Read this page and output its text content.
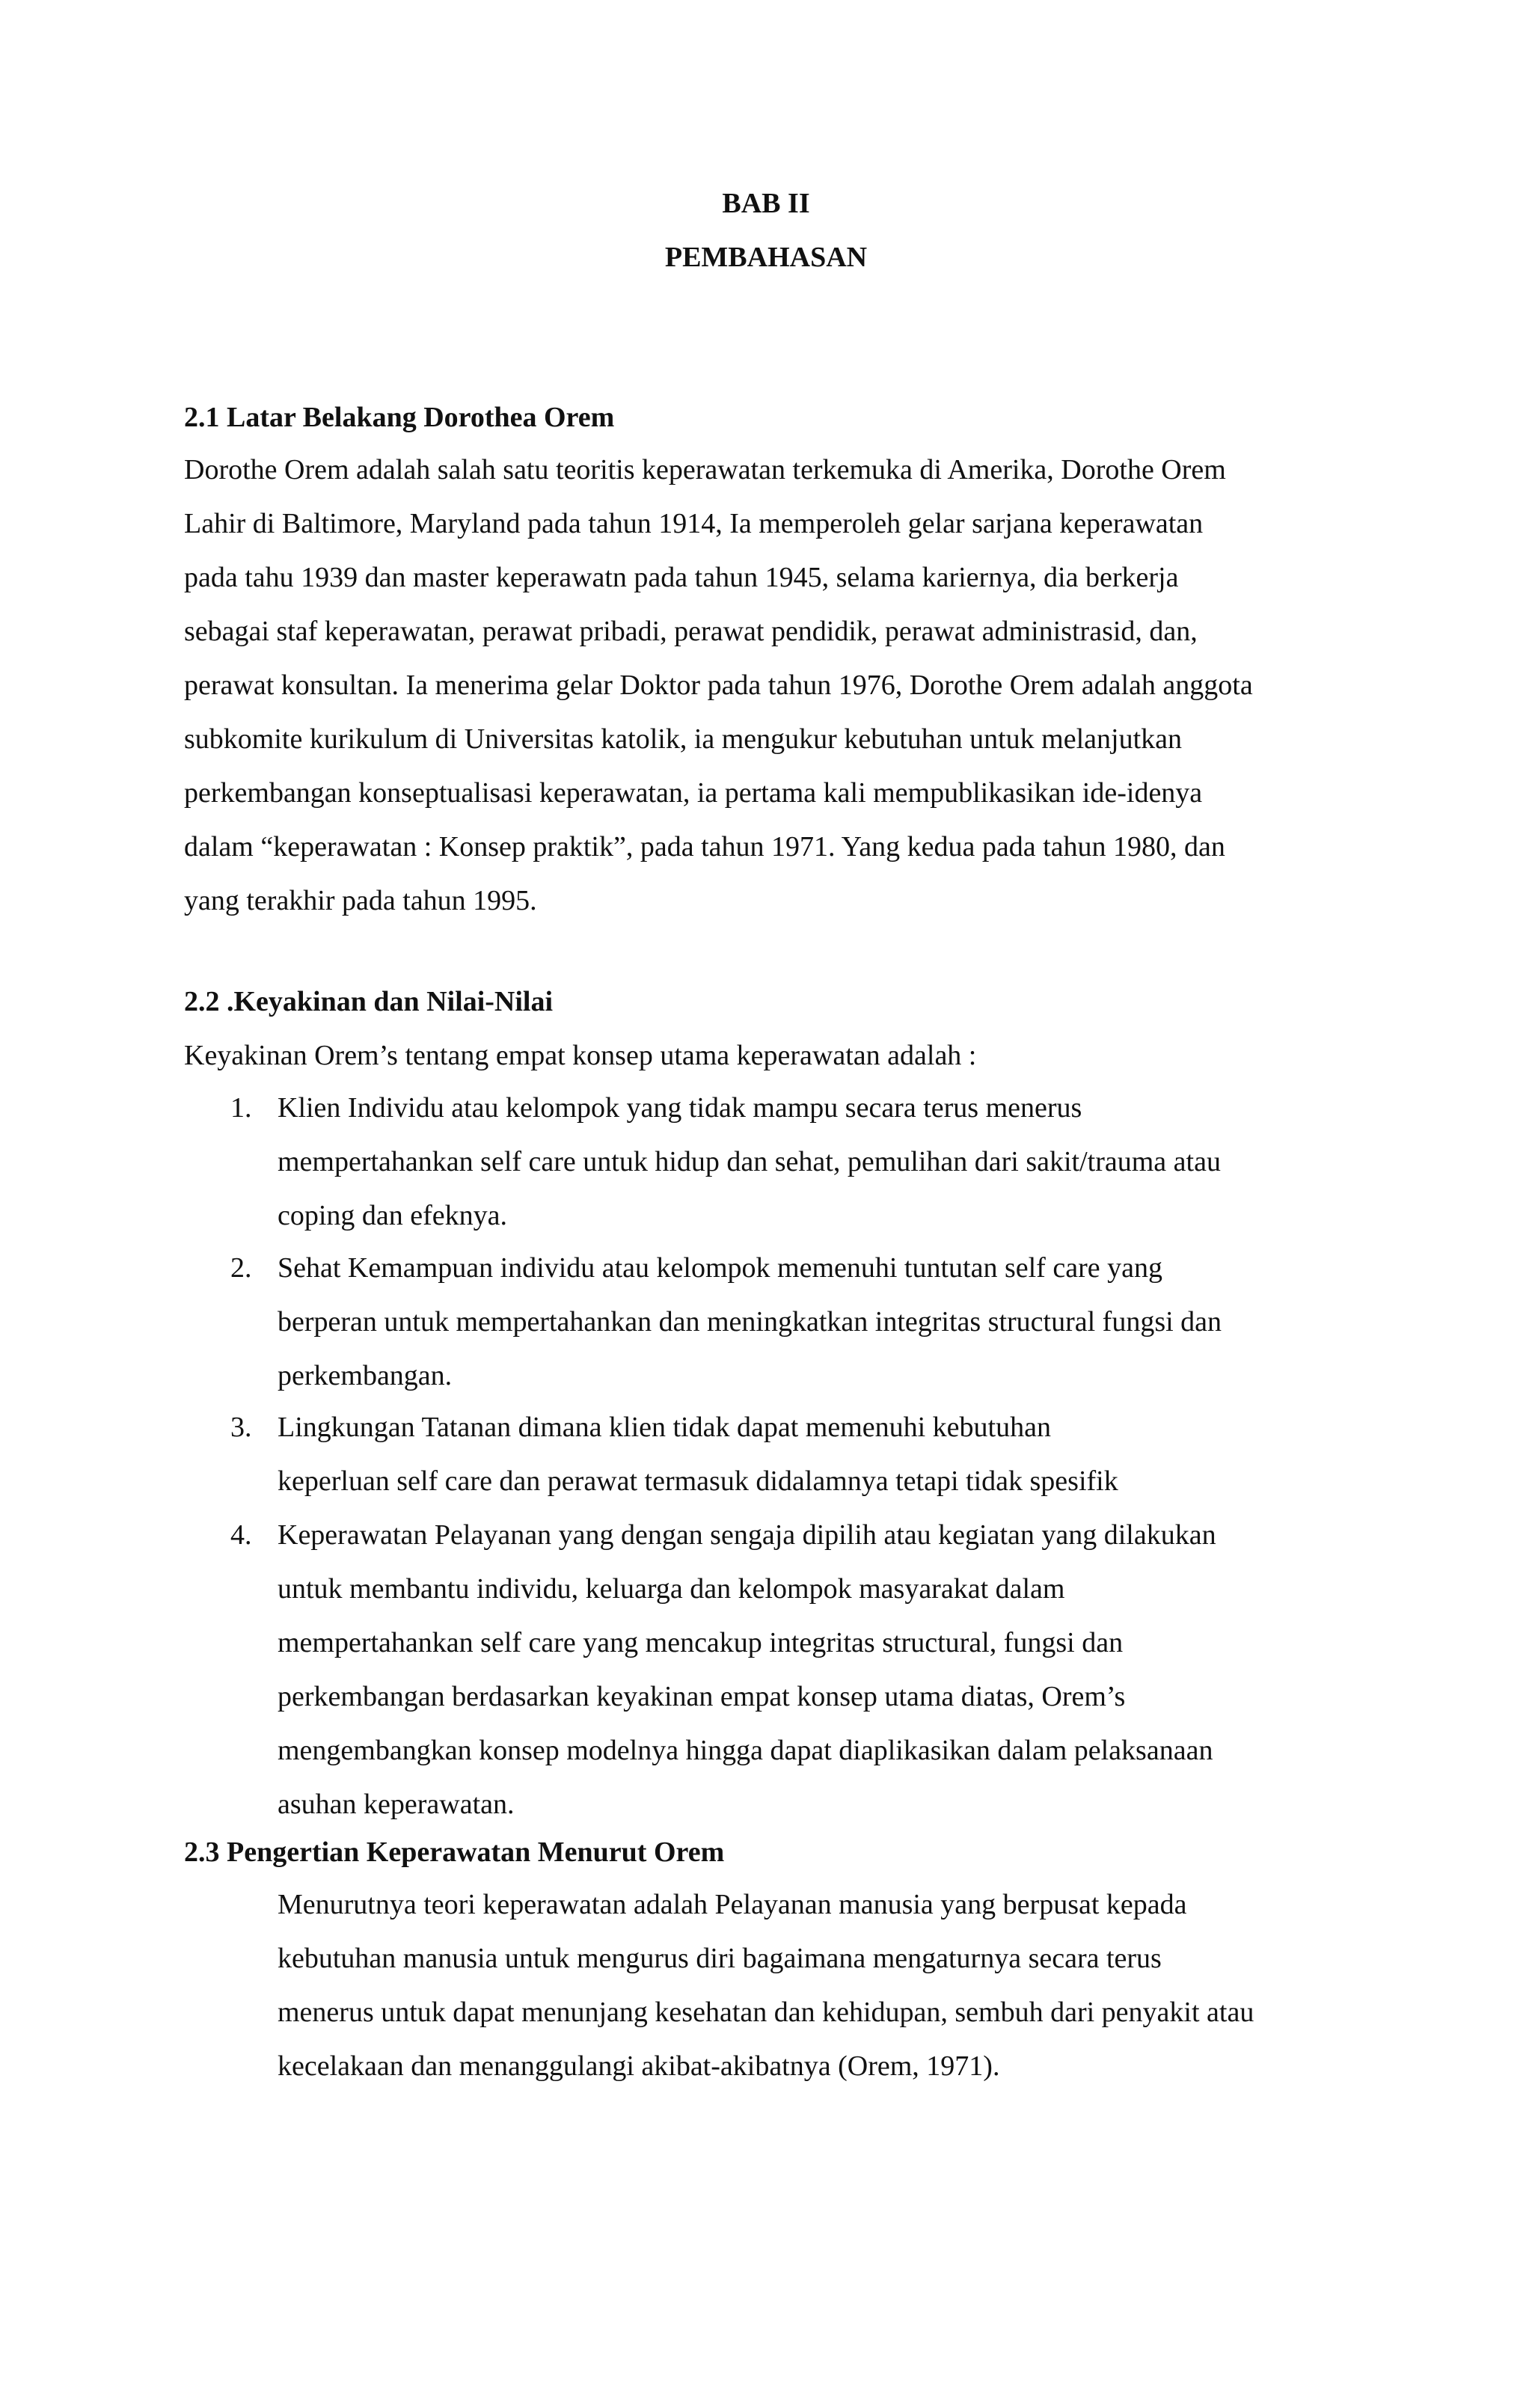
BAB II
PEMBAHASAN
2.1 Latar Belakang Dorothea Orem
Dorothe Orem adalah salah satu teoritis keperawatan terkemuka di Amerika, Dorothe Orem
Lahir di Baltimore, Maryland pada tahun 1914, Ia memperoleh gelar sarjana keperawatan
pada tahu 1939 dan master keperawatn pada tahun 1945, selama kariernya, dia berkerja
sebagai staf keperawatan, perawat pribadi, perawat pendidik, perawat administrasid, dan,
perawat konsultan. Ia menerima gelar Doktor pada tahun 1976, Dorothe Orem adalah anggota
subkomite kurikulum di Universitas katolik, ia mengukur kebutuhan untuk melanjutkan
perkembangan konseptualisasi keperawatan, ia pertama kali mempublikasikan ide-idenya
dalam “keperawatan : Konsep praktik”, pada tahun 1971. Yang kedua pada tahun 1980, dan
yang terakhir pada tahun 1995.
2.2 .Keyakinan dan Nilai-Nilai
Keyakinan Orem’s tentang empat konsep utama keperawatan adalah :
1. Klien Individu atau kelompok yang tidak mampu secara terus menerus
mempertahankan self care untuk hidup dan sehat, pemulihan dari sakit/trauma atau
coping dan efeknya.
2. Sehat Kemampuan individu atau kelompok memenuhi tuntutan self care yang
berperan untuk mempertahankan dan meningkatkan integritas structural fungsi dan
perkembangan.
3. Lingkungan Tatanan dimana klien tidak dapat memenuhi kebutuhan
keperluan self care dan perawat termasuk didalamnya tetapi tidak spesifik
4. Keperawatan Pelayanan yang dengan sengaja dipilih atau kegiatan yang dilakukan
untuk membantu individu, keluarga dan kelompok masyarakat dalam
mempertahankan self care yang mencakup integritas structural, fungsi dan
perkembangan berdasarkan keyakinan empat konsep utama diatas, Orem’s
mengembangkan konsep modelnya hingga dapat diaplikasikan dalam pelaksanaan
asuhan keperawatan.
2.3 Pengertian Keperawatan Menurut Orem
Menurutnya teori keperawatan adalah Pelayanan manusia yang berpusat kepada
kebutuhan manusia untuk mengurus diri bagaimana mengaturnya secara terus
menerus untuk dapat menunjang kesehatan dan kehidupan, sembuh dari penyakit atau
kecelakaan dan menanggulangi akibat-akibatnya (Orem, 1971).
